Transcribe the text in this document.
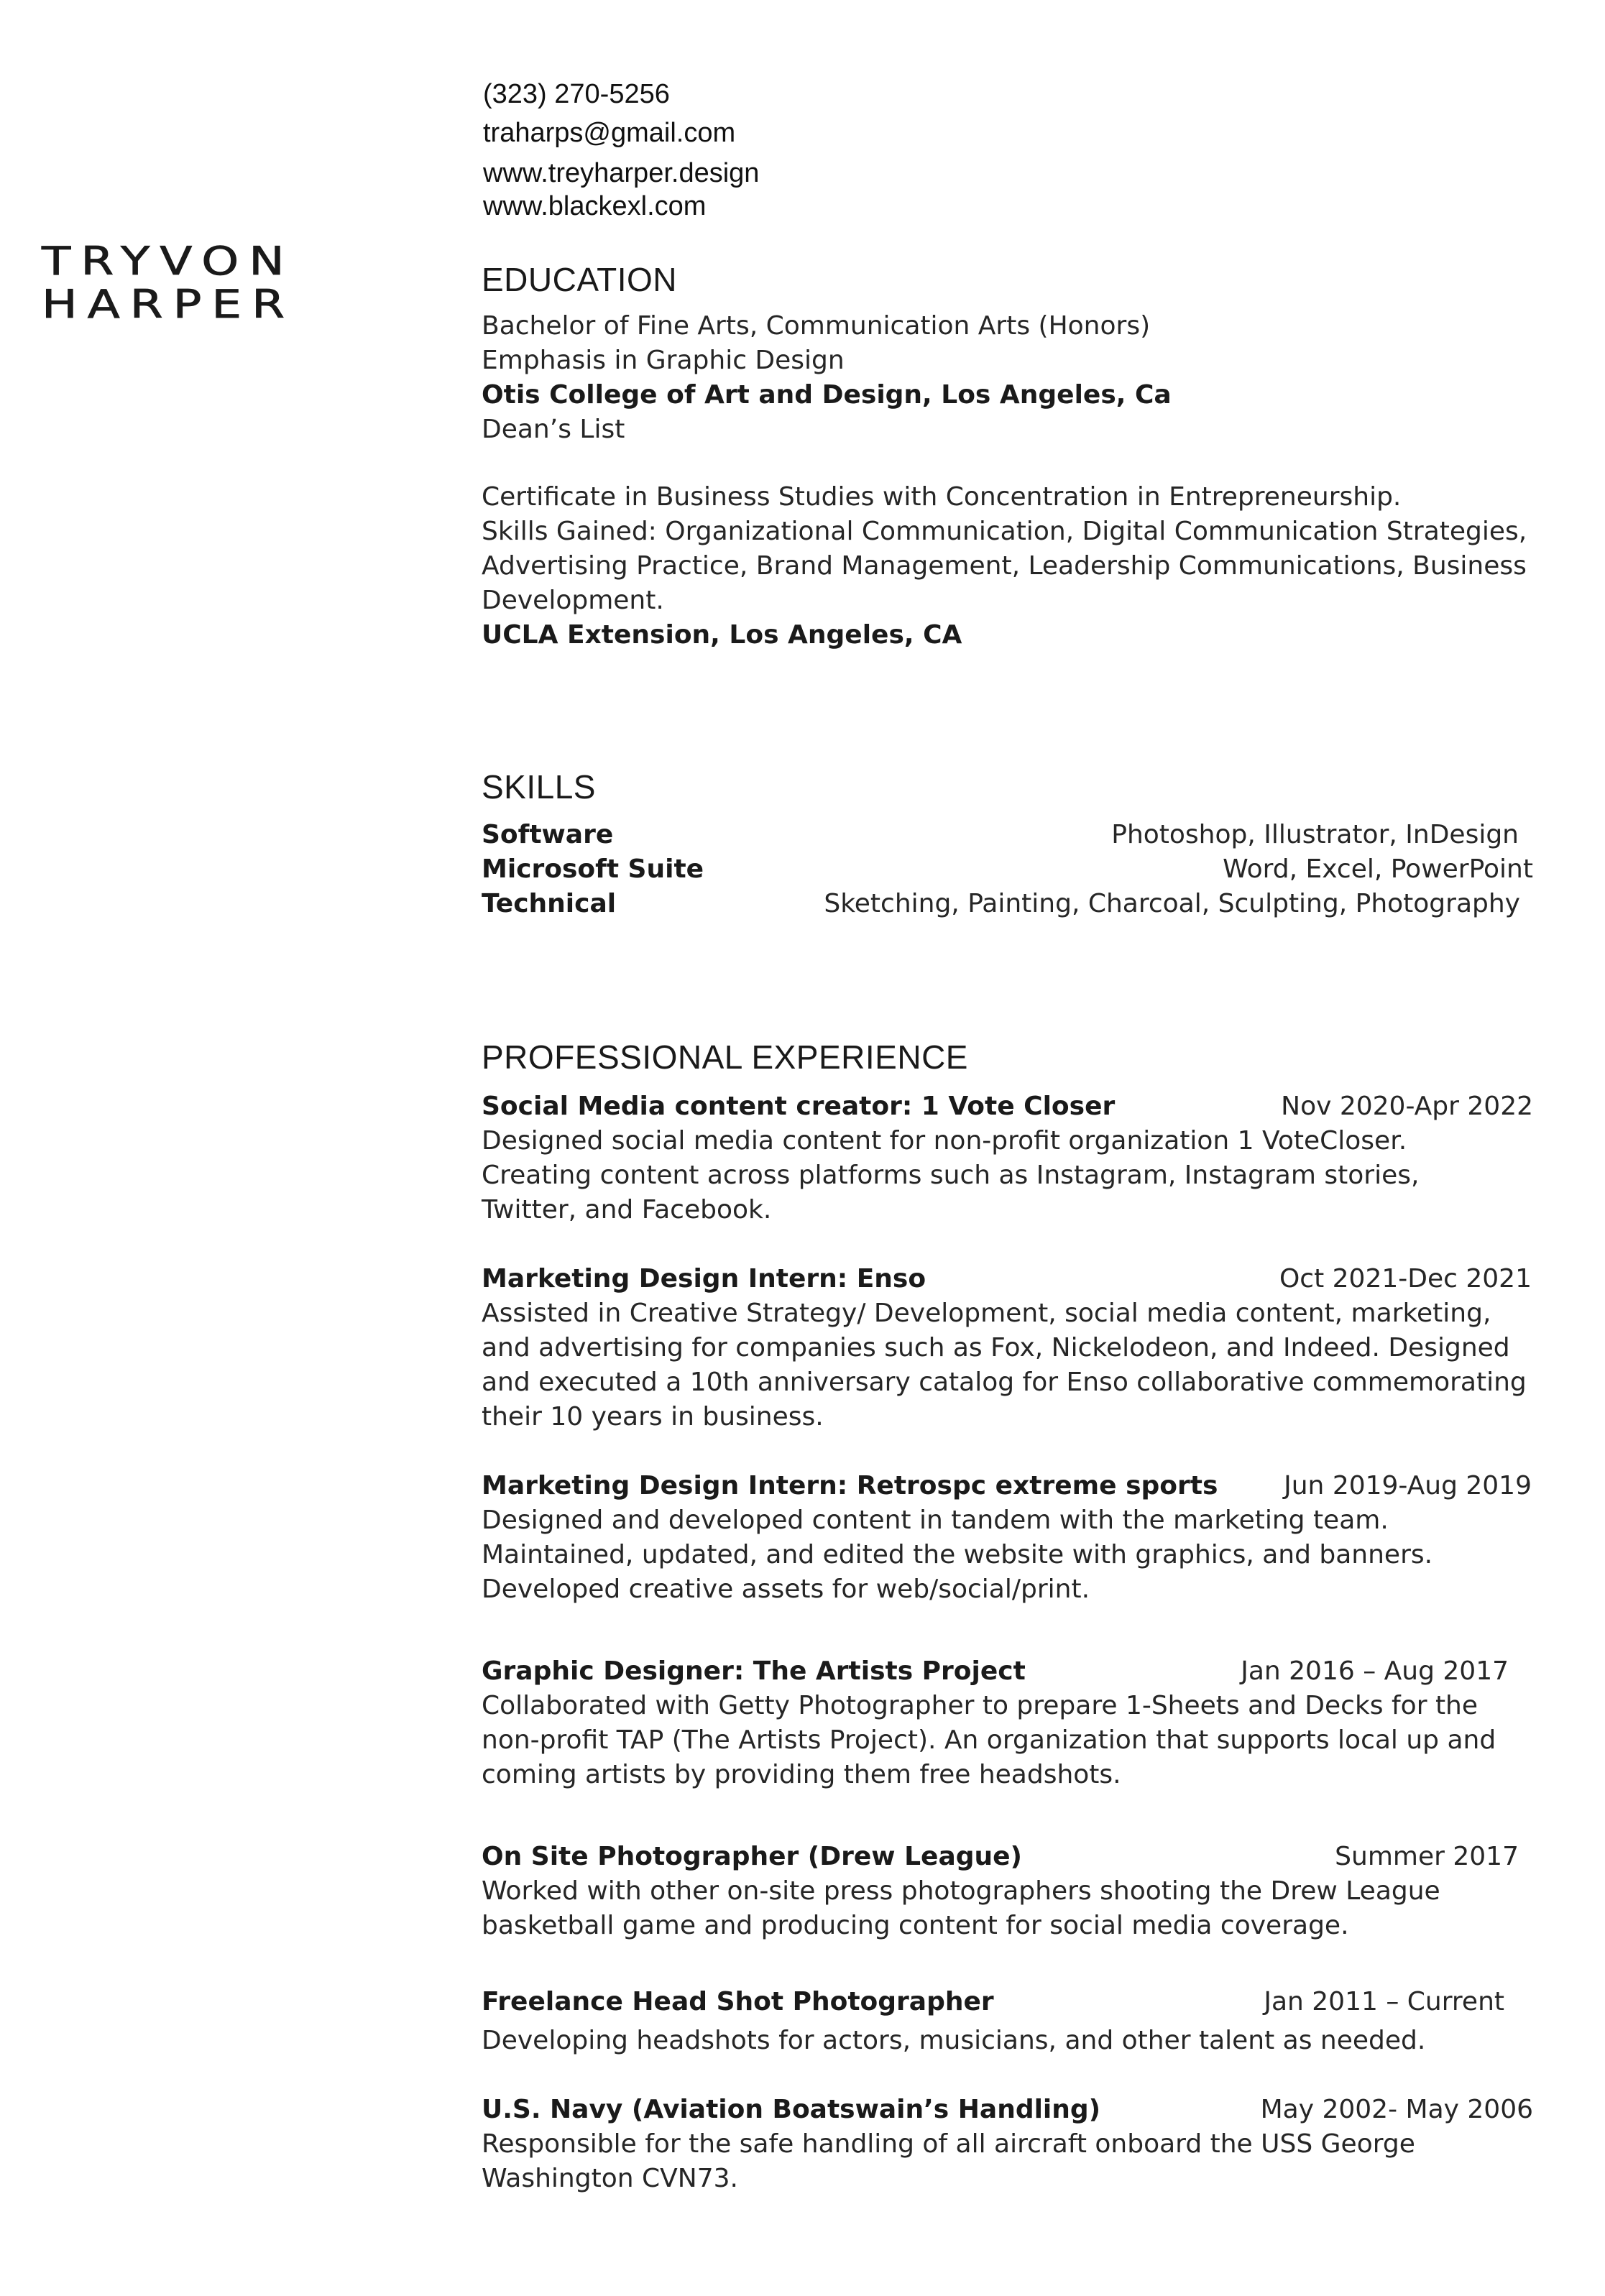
(323) 270-5256
traharps@gmail.com
www.treyharper.design
www.blackexl.com
TRYVON
HARPER
EDUCATION
Bachelor of Fine Arts, Communication Arts (Honors)
Emphasis in Graphic Design
Otis College of Art and Design, Los Angeles, Ca
Dean’s List
Certificate in Business Studies with Concentration in Entrepreneurship.
Skills Gained: Organizational Communication, Digital Communication Strategies,
Advertising Practice, Brand Management, Leadership Communications, Business
Development.
UCLA Extension, Los Angeles, CA
SKILLS
Software	Photoshop, Illustrator, InDesign
Microsoft Suite	Word, Excel, PowerPoint
Technical	Sketching, Painting, Charcoal, Sculpting, Photography
PROFESSIONAL EXPERIENCE
Social Media content creator: 1 Vote Closer	Nov 2020-Apr 2022
Designed social media content for non-profit organization 1 VoteCloser.
Creating content across platforms such as Instagram, Instagram stories,
Twitter, and Facebook.
Marketing Design Intern: Enso	Oct 2021-Dec 2021
Assisted in Creative Strategy/ Development, social media content, marketing,
and advertising for companies such as Fox, Nickelodeon, and Indeed. Designed
and executed a 10th anniversary catalog for Enso collaborative commemorating
their 10 years in business.
Marketing Design Intern: Retrospc extreme sports	Jun 2019-Aug 2019
Designed and developed content in tandem with the marketing team.
Maintained, updated, and edited the website with graphics, and banners.
Developed creative assets for web/social/print.
Graphic Designer: The Artists Project	Jan 2016 – Aug 2017
Collaborated with Getty Photographer to prepare 1-Sheets and Decks for the
non-profit TAP (The Artists Project). An organization that supports local up and
coming artists by providing them free headshots.
On Site Photographer (Drew League)	Summer 2017
Worked with other on-site press photographers shooting the Drew League
basketball game and producing content for social media coverage.
Freelance Head Shot Photographer	Jan 2011 – Current
Developing headshots for actors, musicians, and other talent as needed.
U.S. Navy (Aviation Boatswain’s Handling)	May 2002- May 2006
Responsible for the safe handling of all aircraft onboard the USS George
Washington CVN73.
